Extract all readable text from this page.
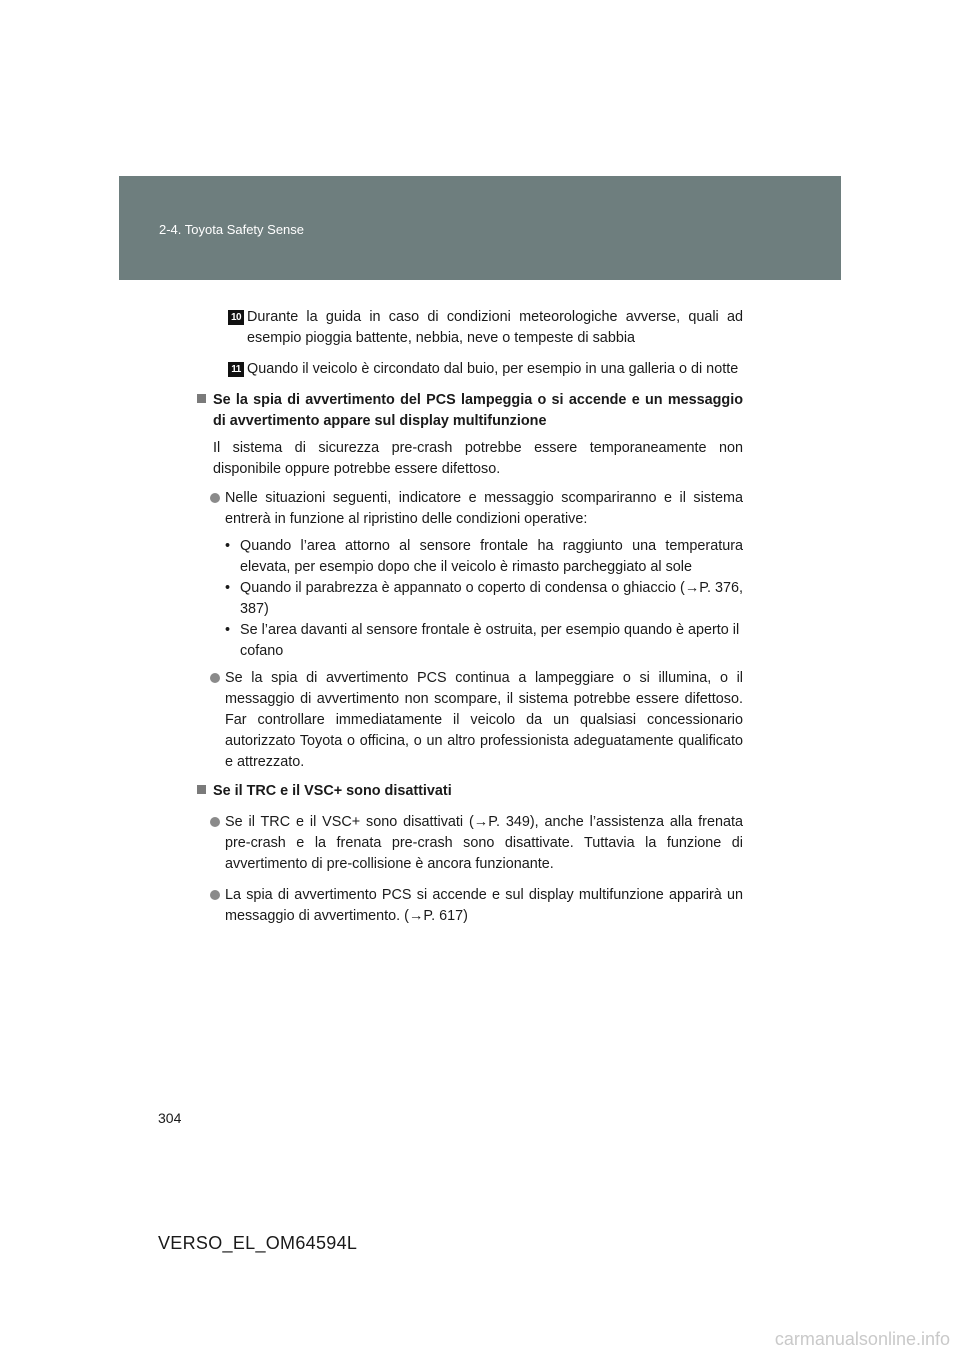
2-4. Toyota Safety Sense
10 Durante la guida in caso di condizioni meteorologiche avverse, quali ad esempio pioggia battente, nebbia, neve o tempeste di sabbia
11 Quando il veicolo è circondato dal buio, per esempio in una galleria o di notte
Se la spia di avvertimento del PCS lampeggia o si accende e un messaggio di avvertimento appare sul display multifunzione

Il sistema di sicurezza pre-crash potrebbe essere temporaneamente non disponibile oppure potrebbe essere difettoso.

Nelle situazioni seguenti, indicatore e messaggio scompariranno e il sistema entrerà in funzione al ripristino delle condizioni operative:
• Quando l’area attorno al sensore frontale ha raggiunto una temperatura elevata, per esempio dopo che il veicolo è rimasto parcheggiato al sole
• Quando il parabrezza è appannato o coperto di condensa o ghiaccio (→P. 376, 387)
• Se l’area davanti al sensore frontale è ostruita, per esempio quando è aperto il cofano
Se la spia di avvertimento PCS continua a lampeggiare o si illumina, o il messaggio di avvertimento non scompare, il sistema potrebbe essere difettoso. Far controllare immediatamente il veicolo da un qualsiasi concessionario autorizzato Toyota o officina, o un altro professionista adeguatamente qualificato e attrezzato.
Se il TRC e il VSC+ sono disattivati
Se il TRC e il VSC+ sono disattivati (→P. 349), anche l’assistenza alla frenata pre-crash e la frenata pre-crash sono disattivate. Tuttavia la funzione di avvertimento di pre-collisione è ancora funzionante.
La spia di avvertimento PCS si accende e sul display multifunzione apparirà un messaggio di avvertimento. (→P. 617)

304

VERSO_EL_OM64594L

carmanualsonline.info
